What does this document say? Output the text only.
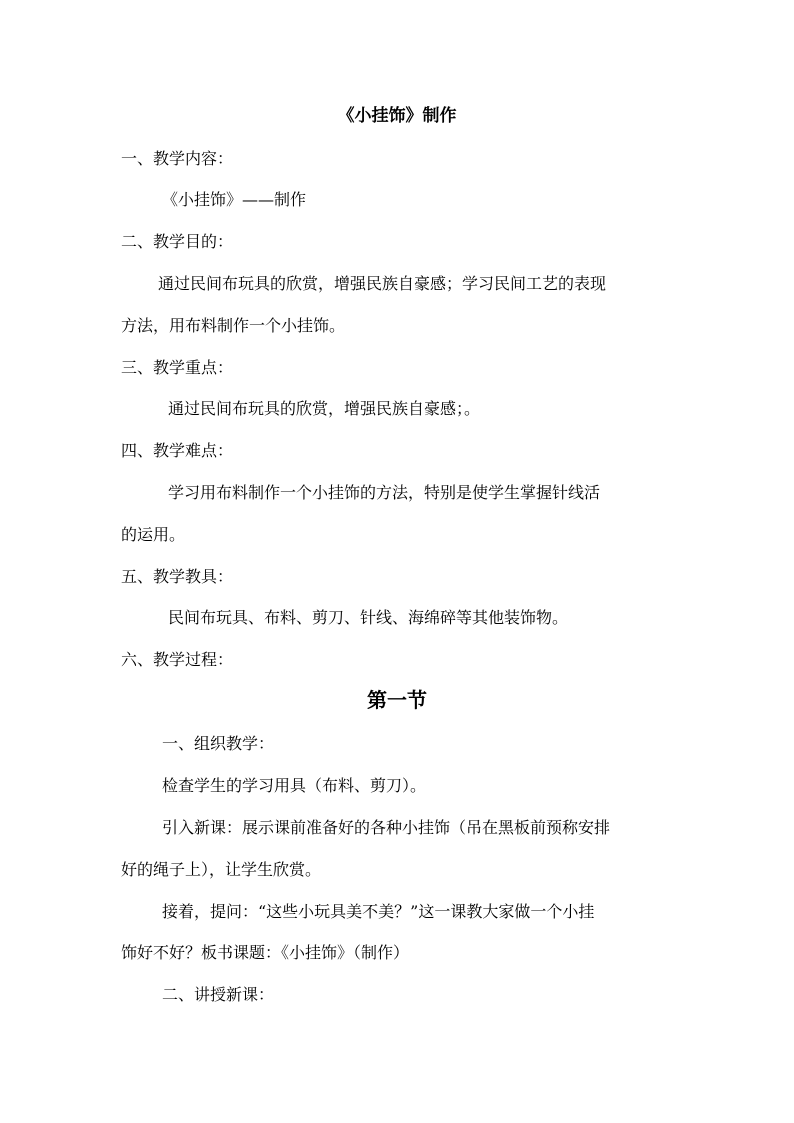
《小挂饰》制作
一、教学内容：
《小挂饰》——制作
二、教学目的：
通过民间布玩具的欣赏，增强民族自豪感；学习民间工艺的表现
方法，用布料制作一个小挂饰。
三、教学重点：
通过民间布玩具的欣赏，增强民族自豪感；。
四、教学难点：
学习用布料制作一个小挂饰的方法，特别是使学生掌握针线活
的运用。
五、教学教具：
民间布玩具、布料、剪刀、针线、海绵碎等其他装饰物。
六、教学过程：
第一节
一、组织教学：
检查学生的学习用具（布料、剪刀）。
引入新课：展示课前准备好的各种小挂饰（吊在黑板前预称安排
好的绳子上），让学生欣赏。
接着，提问：“这些小玩具美不美？”这一课教大家做一个小挂
饰好不好？板书课题：《小挂饰》（制作）
二、讲授新课：
